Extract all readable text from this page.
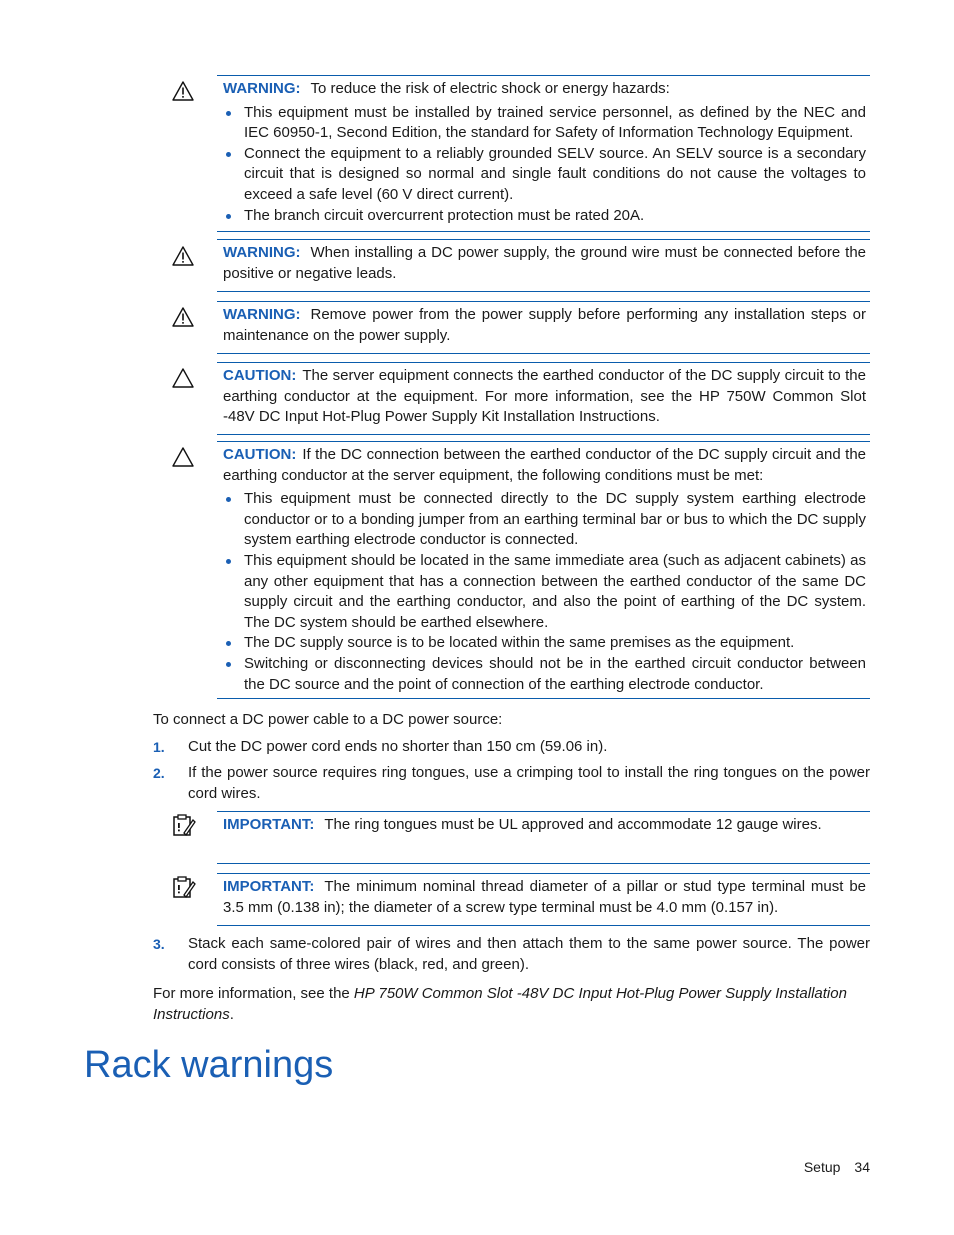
WARNING: To reduce the risk of electric shock or energy hazards:
This equipment must be installed by trained service personnel, as defined by the NEC and IEC 60950-1, Second Edition, the standard for Safety of Information Technology Equipment.
Connect the equipment to a reliably grounded SELV source. An SELV source is a secondary circuit that is designed so normal and single fault conditions do not cause the voltages to exceed a safe level (60 V direct current).
The branch circuit overcurrent protection must be rated 20A.
WARNING: When installing a DC power supply, the ground wire must be connected before the positive or negative leads.
WARNING: Remove power from the power supply before performing any installation steps or maintenance on the power supply.
CAUTION: The server equipment connects the earthed conductor of the DC supply circuit to the earthing conductor at the equipment. For more information, see the HP 750W Common Slot -48V DC Input Hot-Plug Power Supply Kit Installation Instructions.
CAUTION: If the DC connection between the earthed conductor of the DC supply circuit and the earthing conductor at the server equipment, the following conditions must be met:
This equipment must be connected directly to the DC supply system earthing electrode conductor or to a bonding jumper from an earthing terminal bar or bus to which the DC supply system earthing electrode conductor is connected.
This equipment should be located in the same immediate area (such as adjacent cabinets) as any other equipment that has a connection between the earthed conductor of the same DC supply circuit and the earthing conductor, and also the point of earthing of the DC system. The DC system should be earthed elsewhere.
The DC supply source is to be located within the same premises as the equipment.
Switching or disconnecting devices should not be in the earthed circuit conductor between the DC source and the point of connection of the earthing electrode conductor.
To connect a DC power cable to a DC power source:
1. Cut the DC power cord ends no shorter than 150 cm (59.06 in).
2. If the power source requires ring tongues, use a crimping tool to install the ring tongues on the power cord wires.
IMPORTANT: The ring tongues must be UL approved and accommodate 12 gauge wires.
IMPORTANT: The minimum nominal thread diameter of a pillar or stud type terminal must be 3.5 mm (0.138 in); the diameter of a screw type terminal must be 4.0 mm (0.157 in).
3. Stack each same-colored pair of wires and then attach them to the same power source. The power cord consists of three wires (black, red, and green).
For more information, see the HP 750W Common Slot -48V DC Input Hot-Plug Power Supply Installation Instructions.
Rack warnings
Setup 34
